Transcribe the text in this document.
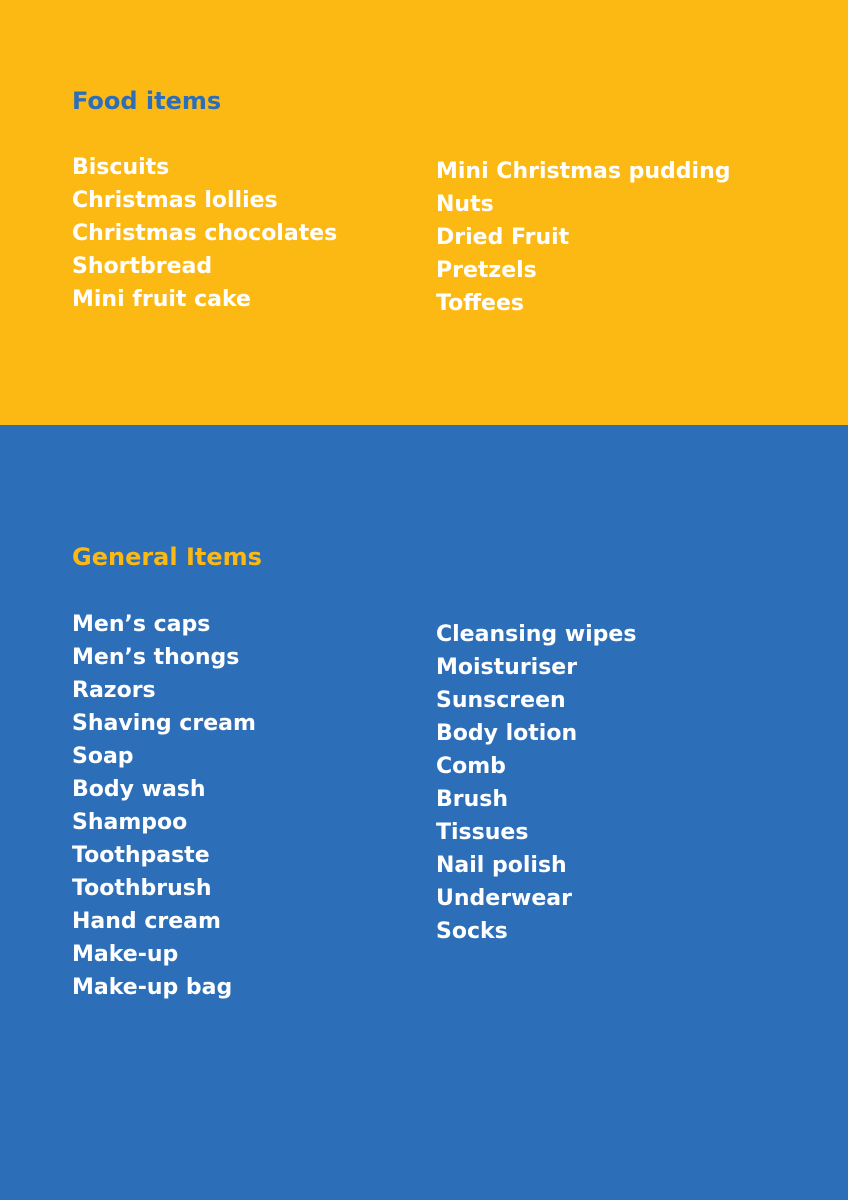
Food items
Biscuits
Christmas lollies
Christmas chocolates
Shortbread
Mini fruit cake
Mini Christmas pudding
Nuts
Dried Fruit
Pretzels
Toffees
General Items
Men’s caps
Men’s thongs
Razors
Shaving cream
Soap
Body wash
Shampoo
Toothpaste
Toothbrush
Hand cream
Make-up
Make-up bag
Cleansing wipes
Moisturiser
Sunscreen
Body lotion
Comb
Brush
Tissues
Nail polish
Underwear
Socks
